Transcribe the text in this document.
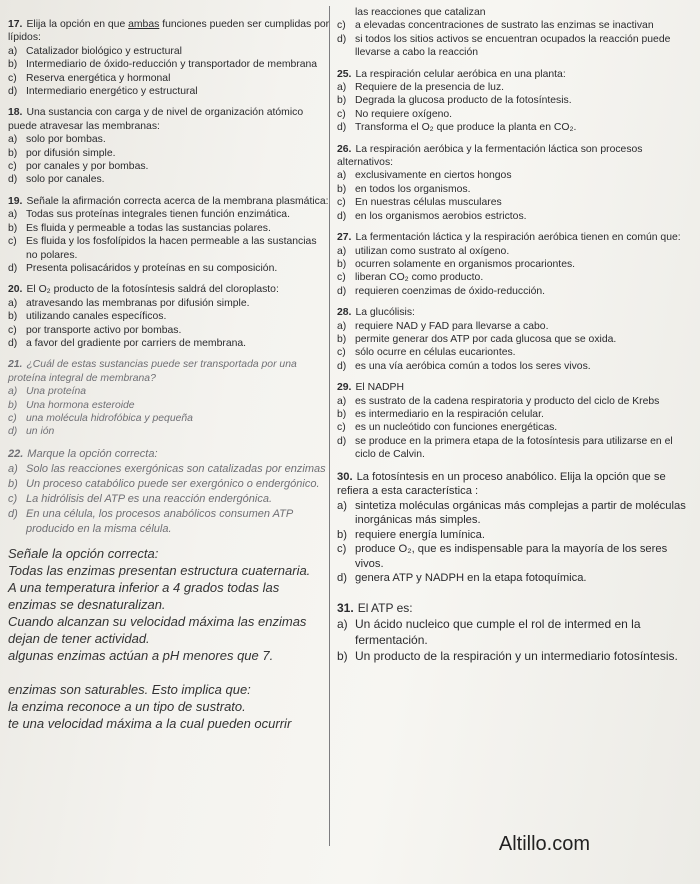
17. Elija la opción en que ambas funciones pueden ser cumplidas por lípidos:

a) Catalizador biológico y estructural
b) Intermediario de óxido-reducción y transportador de membrana
c) Reserva energética y hormonal
d) Intermediario energético y estructural

18. Una sustancia con carga y de nivel de organización atómico puede atravesar las membranas:

a) solo por bombas.
b) por difusión simple.
c) por canales y por bombas.
d) solo por canales.

19. Señale la afirmación correcta acerca de la membrana plasmática:

a) Todas sus proteínas integrales tienen función enzimática.
b) Es fluida y permeable a todas las sustancias polares.
c) Es fluida y los fosfolípidos la hacen permeable a las sustancias no polares.
d) Presenta polisacáridos y proteínas en su composición.

20. El O₂ producto de la fotosíntesis saldrá del cloroplasto:

a) atravesando las membranas por difusión simple.
b) utilizando canales específicos.
c) por transporte activo por bombas.
d) a favor del gradiente por carriers de membrana.

21. ¿Cuál de estas sustancias puede ser transportada por una proteína integral de membrana?

a) Una proteína
b) Una hormona esteroide
c) una molécula hidrofóbica y pequeña
d) un ión

22. Marque la opción correcta:

a) Solo las reacciones exergónicas son catalizadas por enzimas
b) Un proceso catabólico puede ser exergónico o endergónico.
c) La hidrólisis del ATP es una reacción endergónica.
d) En una célula, los procesos anabólicos consumen ATP producido en la misma célula.

Señale la opción correcta:

Todas las enzimas presentan estructura cuaternaria.
A una temperatura inferior a 4 grados todas las
enzimas se desnaturalizan.
Cuando alcanzan su velocidad máxima las enzimas
dejan de tener actividad.
algunas enzimas actúan a pH menores que 7.
enzimas son saturables. Esto implica que:
la enzima reconoce a un tipo de sustrato.
te una velocidad máxima a la cual pueden ocurrir

las reacciones que catalizan

c) a elevadas concentraciones de sustrato las enzimas se inactivan
d) si todos los sitios activos se encuentran ocupados la reacción puede llevarse a cabo la reacción

25. La respiración celular aeróbica en una planta:

a) Requiere de la presencia de luz.
b) Degrada la glucosa producto de la fotosíntesis.
c) No requiere oxígeno.
d) Transforma el O₂ que produce la planta en CO₂.

26. La respiración aeróbica y la fermentación láctica son procesos alternativos:

a) exclusivamente en ciertos hongos
b) en todos los organismos.
c) En nuestras células musculares
d) en los organismos aerobios estrictos.

27. La fermentación láctica y la respiración aeróbica tienen en común que:

a) utilizan como sustrato al oxígeno.
b) ocurren solamente en organismos procariontes.
c) liberan CO₂ como producto.
d) requieren coenzimas de óxido-reducción.

28. La glucólisis:

a) requiere NAD y FAD para llevarse a cabo.
b) permite generar dos ATP por cada glucosa que se oxida.
c) sólo ocurre en células eucariontes.
d) es una vía aeróbica común a todos los seres vivos.

29. El NADPH

a) es sustrato de la cadena respiratoria y producto del ciclo de Krebs
b) es intermediario en la respiración celular.
c) es un nucleótido con funciones energéticas.
d) se produce en la primera etapa de la fotosíntesis para utilizarse en el ciclo de Calvin.

30. La fotosíntesis en un proceso anabólico. Elija la opción que se refiera a esta característica :

a) sintetiza moléculas orgánicas más complejas a partir de moléculas inorgánicas más simples.
b) requiere energía lumínica.
c) produce O₂, que es indispensable para la mayoría de los seres vivos.
d) genera ATP y NADPH en la etapa fotoquímica.

31. El ATP es:

a) Un ácido nucleico que cumple el rol de intermed en la fermentación.
b) Un producto de la respiración y un intermediario fotosíntesis.
Altillo.com
